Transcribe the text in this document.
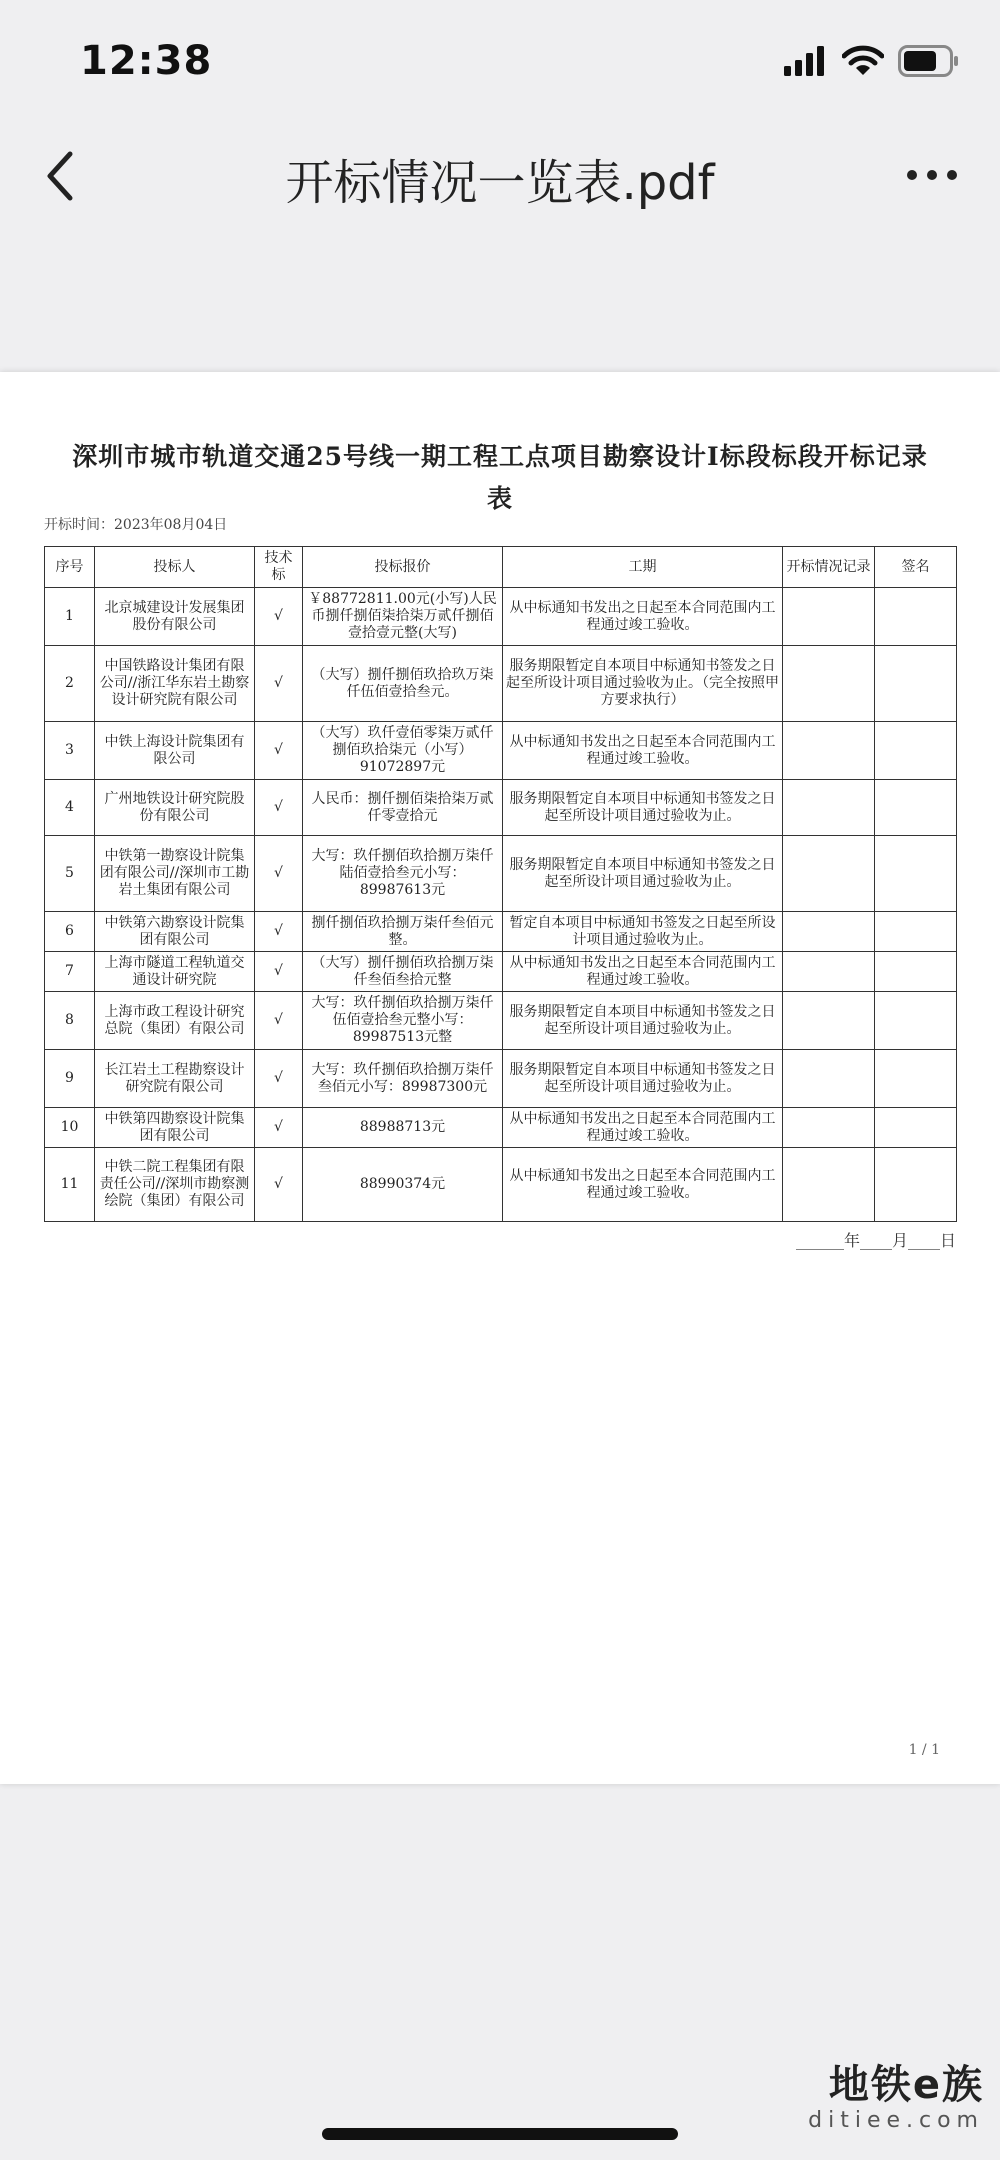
12:38
开标情况一览表.pdf
深圳市城市轨道交通25号线一期工程工点项目勘察设计Ⅰ标段标段开标记录
表
开标时间：2023年08月04日
序号	投标人	技术标	投标报价	工期	开标情况记录	签名
1	北京城建设计发展集团股份有限公司	√	￥88772811.00元(小写)人民币捌仟捌佰柒拾柒万贰仟捌佰壹拾壹元整(大写)	从中标通知书发出之日起至本合同范围内工程通过竣工验收。		
2	中国铁路设计集团有限公司//浙江华东岩土勘察设计研究院有限公司	√	（大写）捌仟捌佰玖拾玖万柒仟伍佰壹拾叁元。	服务期限暂定自本项目中标通知书签发之日起至所设计项目通过验收为止。（完全按照甲方要求执行）		
3	中铁上海设计院集团有限公司	√	（大写）玖仟壹佰零柒万贰仟捌佰玖拾柒元（小写）91072897元	从中标通知书发出之日起至本合同范围内工程通过竣工验收。		
4	广州地铁设计研究院股份有限公司	√	人民币：捌仟捌佰柒拾柒万贰仟零壹拾元	服务期限暂定自本项目中标通知书签发之日起至所设计项目通过验收为止。		
5	中铁第一勘察设计院集团有限公司//深圳市工勘岩土集团有限公司	√	大写：玖仟捌佰玖拾捌万柒仟陆佰壹拾叁元小写：89987613元	服务期限暂定自本项目中标通知书签发之日起至所设计项目通过验收为止。		
6	中铁第六勘察设计院集团有限公司	√	捌仟捌佰玖拾捌万柒仟叁佰元整。	暂定自本项目中标通知书签发之日起至所设计项目通过验收为止。		
7	上海市隧道工程轨道交通设计研究院	√	（大写）捌仟捌佰玖拾捌万柒仟叁佰叁拾元整	从中标通知书发出之日起至本合同范围内工程通过竣工验收。		
8	上海市政工程设计研究总院（集团）有限公司	√	大写：玖仟捌佰玖拾捌万柒仟伍佰壹拾叁元整小写：89987513元整	服务期限暂定自本项目中标通知书签发之日起至所设计项目通过验收为止。		
9	长江岩土工程勘察设计研究院有限公司	√	大写：玖仟捌佰玖拾捌万柒仟叁佰元小写：89987300元	服务期限暂定自本项目中标通知书签发之日起至所设计项目通过验收为止。		
10	中铁第四勘察设计院集团有限公司	√	88988713元	从中标通知书发出之日起至本合同范围内工程通过竣工验收。		
11	中铁二院工程集团有限责任公司//深圳市勘察测绘院（集团）有限公司	√	88990374元	从中标通知书发出之日起至本合同范围内工程通过竣工验收。		
______年____月____日
1 / 1
地铁e族
ditiee.com
